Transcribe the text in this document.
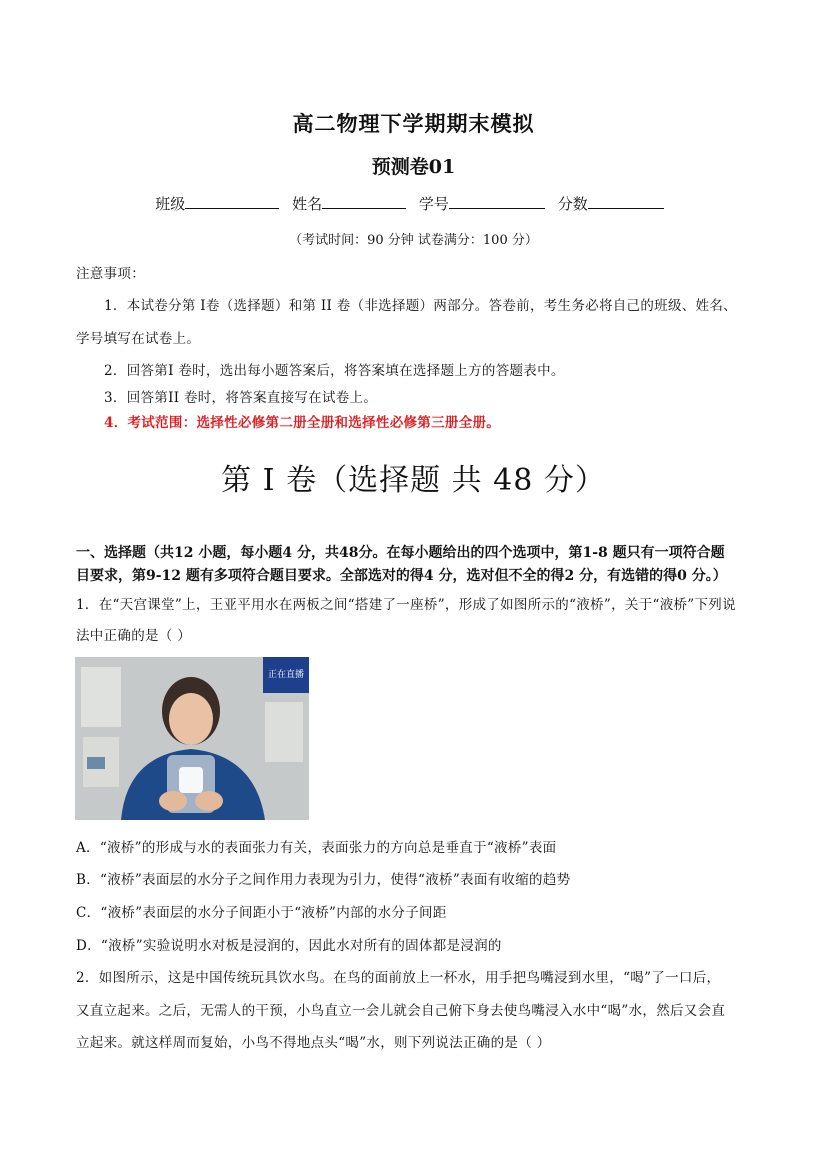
高二物理下学期期末模拟
预测卷01
班级	姓名	学号	分数
（考试时间：90 分钟 试卷满分：100 分）
注意事项：
1．本试卷分第 I卷（选择题）和第 II 卷（非选择题）两部分。答卷前，考生务必将自己的班级、姓名、
学号填写在试卷上。
2．回答第I 卷时，选出每小题答案后，将答案填在选择题上方的答题表中。
3．回答第II 卷时，将答案直接写在试卷上。
4．考试范围：选择性必修第二册全册和选择性必修第三册全册。
第 I 卷（选择题 共 48 分）
一、选择题（共12 小题，每小题4 分，共48分。在每小题给出的四个选项中，第1-8 题只有一项符合题
目要求，第9-12 题有多项符合题目要求。全部选对的得4 分，选对但不全的得2 分，有选错的得0 分。）
1．在“天宫课堂”上，王亚平用水在两板之间“搭建了一座桥”，形成了如图所示的“液桥”，关于“液桥”下列说
法中正确的是（ ）
正在直播
A．“液桥”的形成与水的表面张力有关，表面张力的方向总是垂直于“液桥”表面
B．“液桥”表面层的水分子之间作用力表现为引力，使得“液桥”表面有收缩的趋势
C．“液桥”表面层的水分子间距小于“液桥”内部的水分子间距
D．“液桥”实验说明水对板是浸润的，因此水对所有的固体都是浸润的
2．如图所示，这是中国传统玩具饮水鸟。在鸟的面前放上一杯水，用手把鸟嘴浸到水里，“喝”了一口后，
又直立起来。之后，无需人的干预，小鸟直立一会儿就会自己俯下身去使鸟嘴浸入水中“喝”水，然后又会直
立起来。就这样周而复始，小鸟不得地点头“喝”水，则下列说法正确的是（ ）
